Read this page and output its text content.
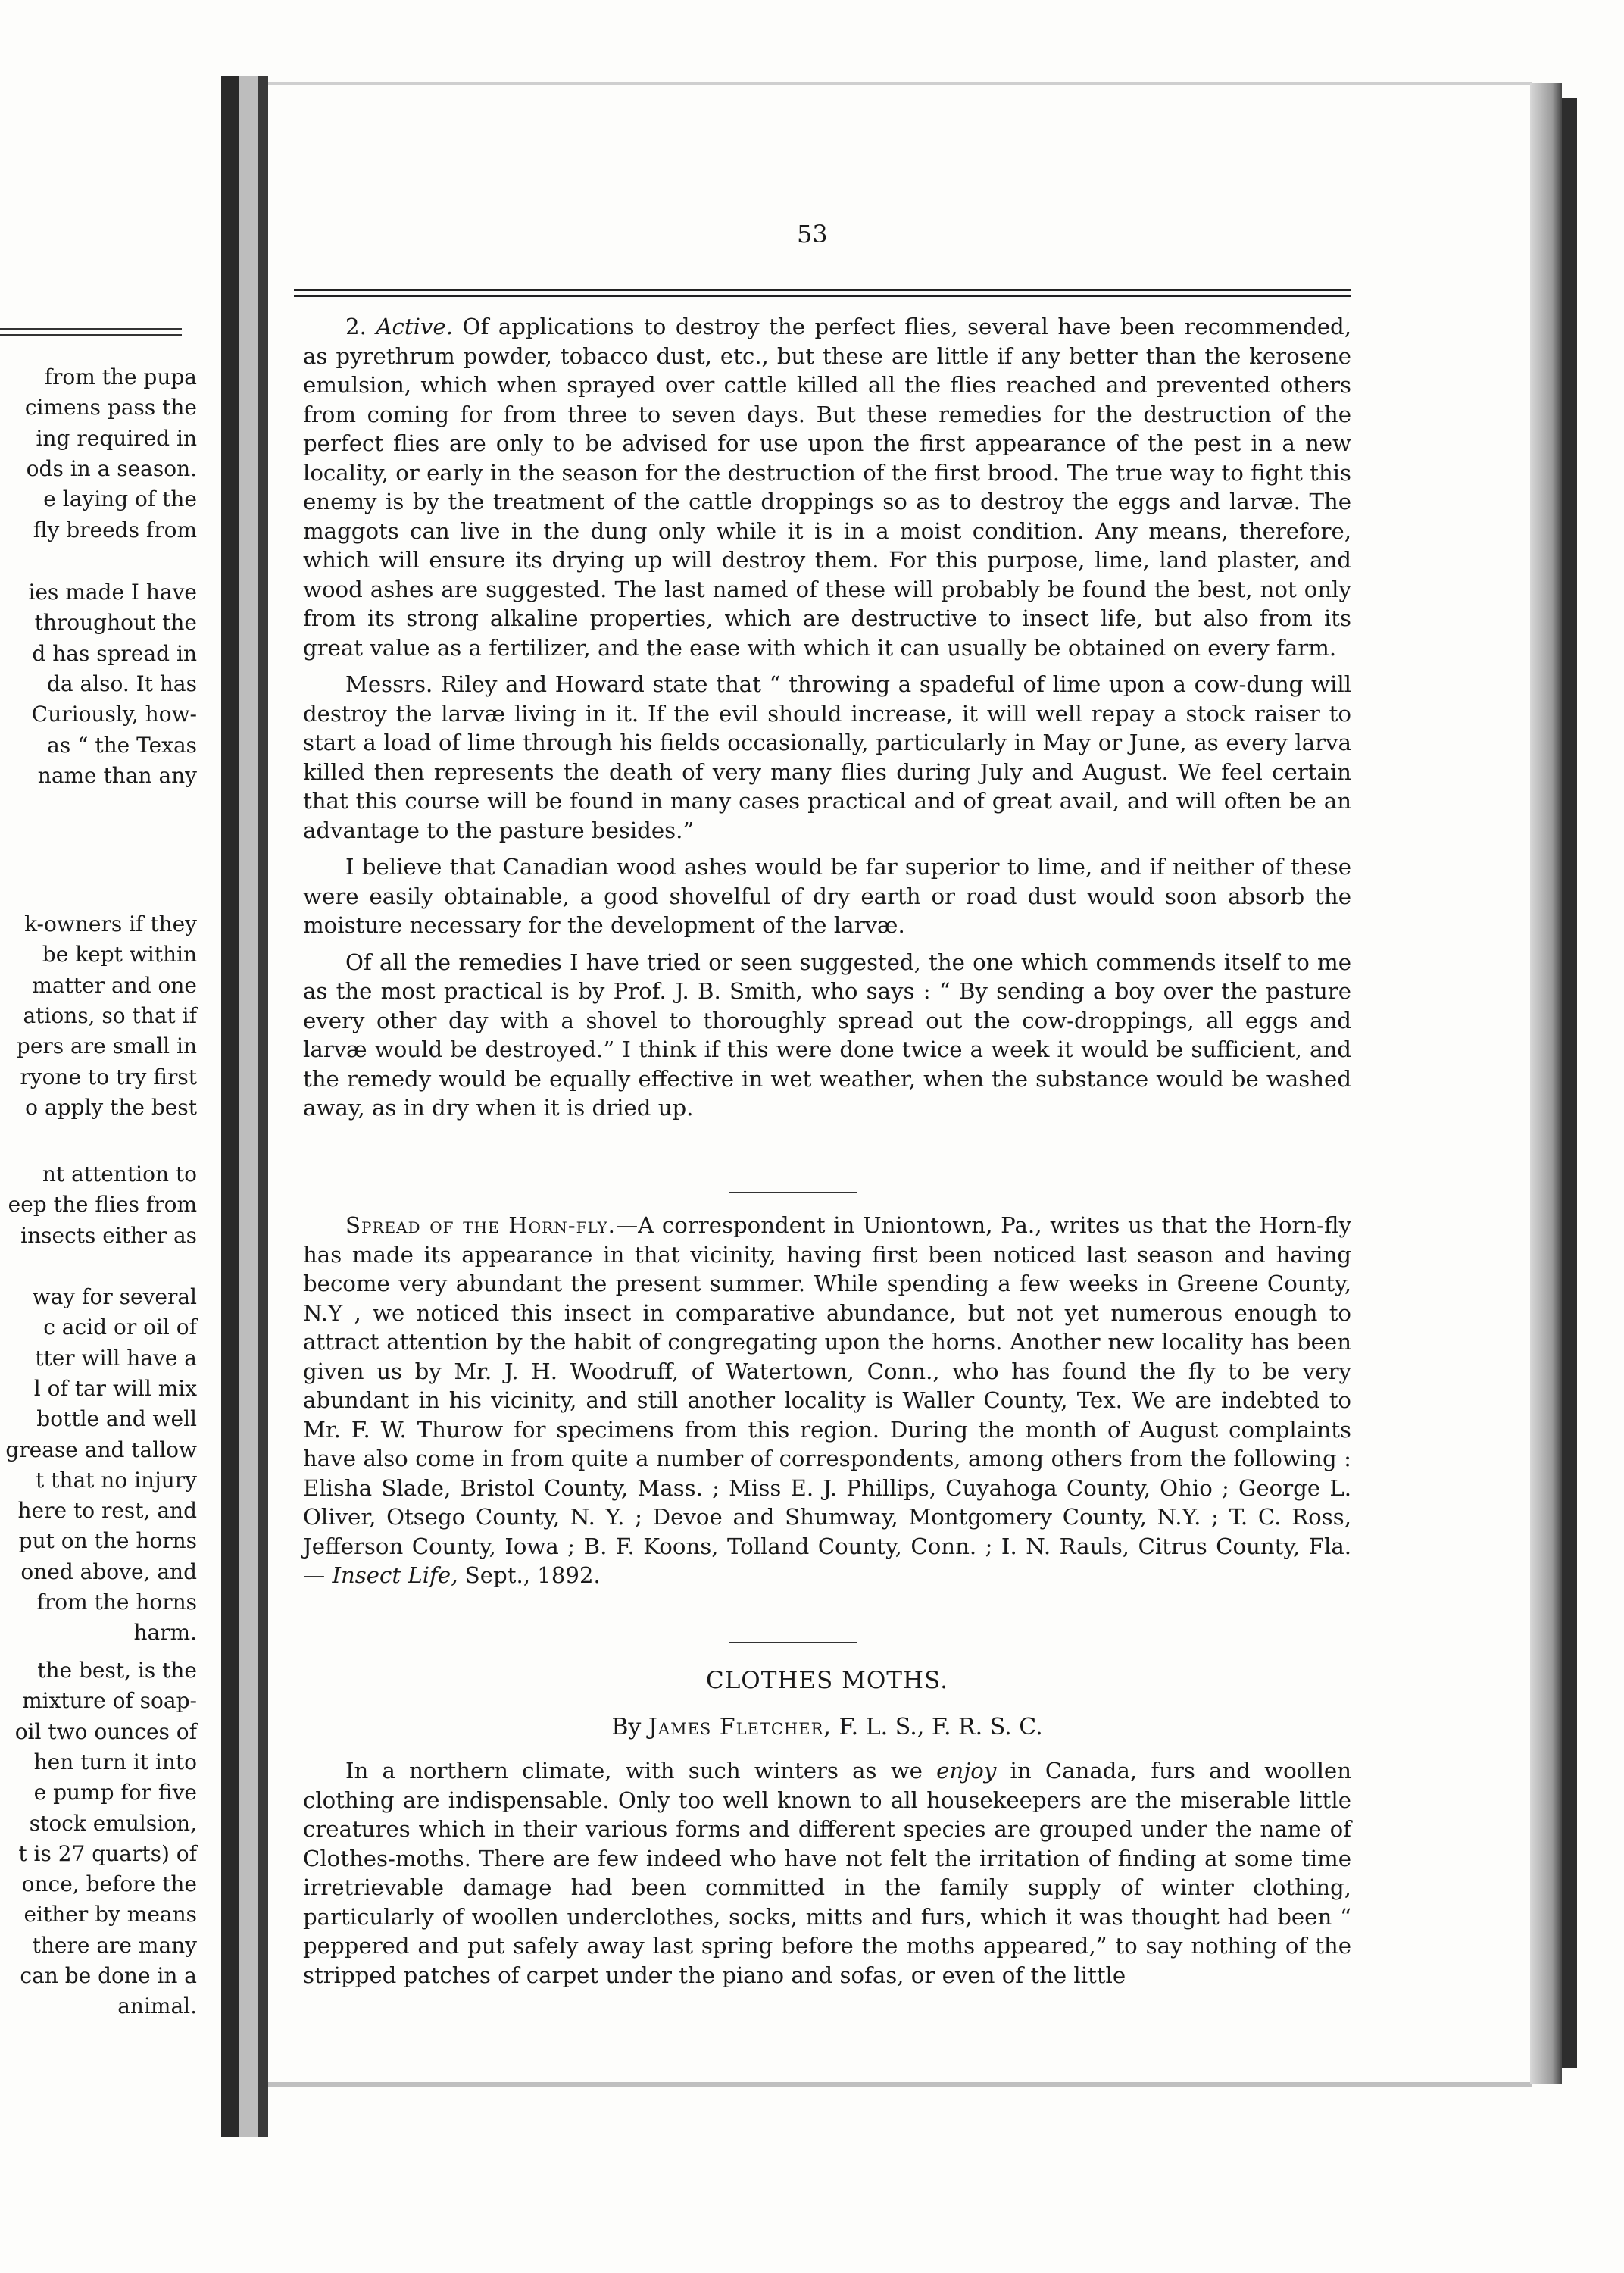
from the pupa
cimens pass the
ing required in
ods in a season.
e laying of the
fly breeds from
ies made I have
throughout the
d has spread in
da also. It has
Curiously, how-
as “ the Texas
name than any
k-owners if they
be kept within
matter and one
ations, so that if
pers are small in
ryone to try first
o apply the best
nt attention to
eep the flies from
insects either as
way for several
c acid or oil of
tter will have a
l of tar will mix
bottle and well
grease and tallow
t that no injury
here to rest, and
put on the horns
oned above, and
from the horns
harm.
the best, is the
mixture of soap-
oil two ounces of
hen turn it into
e pump for five
stock emulsion,
t is 27 quarts) of
once, before the
either by means
there are many
can be done in a
animal.
53

2. Active. Of applications to destroy the perfect flies, several have been recommended, as pyrethrum powder, tobacco dust, etc., but these are little if any better than the kerosene emulsion, which when sprayed over cattle killed all the flies reached and prevented others from coming for from three to seven days. But these remedies for the destruction of the perfect flies are only to be advised for use upon the first appearance of the pest in a new locality, or early in the season for the destruction of the first brood. The true way to fight this enemy is by the treatment of the cattle droppings so as to destroy the eggs and larvæ. The maggots can live in the dung only while it is in a moist condition. Any means, therefore, which will ensure its drying up will destroy them. For this purpose, lime, land plaster, and wood ashes are suggested. The last named of these will probably be found the best, not only from its strong alkaline properties, which are destructive to insect life, but also from its great value as a fertilizer, and the ease with which it can usually be obtained on every farm.

Messrs. Riley and Howard state that “ throwing a spadeful of lime upon a cow-dung will destroy the larvæ living in it. If the evil should increase, it will well repay a stock raiser to start a load of lime through his fields occasionally, particularly in May or June, as every larva killed then represents the death of very many flies during July and August. We feel certain that this course will be found in many cases practical and of great avail, and will often be an advantage to the pasture besides.”

I believe that Canadian wood ashes would be far superior to lime, and if neither of these were easily obtainable, a good shovelful of dry earth or road dust would soon absorb the moisture necessary for the development of the larvæ.

Of all the remedies I have tried or seen suggested, the one which commends itself to me as the most practical is by Prof. J. B. Smith, who says : “ By sending a boy over the pasture every other day with a shovel to thoroughly spread out the cow-droppings, all eggs and larvæ would be destroyed.” I think if this were done twice a week it would be sufficient, and the remedy would be equally effective in wet weather, when the substance would be washed away, as in dry when it is dried up.

Spread of the Horn-fly.—A correspondent in Uniontown, Pa., writes us that the Horn-fly has made its appearance in that vicinity, having first been noticed last season and having become very abundant the present summer. While spending a few weeks in Greene County, N.Y , we noticed this insect in comparative abundance, but not yet numerous enough to attract attention by the habit of congregating upon the horns. Another new locality has been given us by Mr. J. H. Woodruff, of Watertown, Conn., who has found the fly to be very abundant in his vicinity, and still another locality is Waller County, Tex. We are indebted to Mr. F. W. Thurow for specimens from this region. During the month of August complaints have also come in from quite a number of correspondents, among others from the following : Elisha Slade, Bristol County, Mass. ; Miss E. J. Phillips, Cuyahoga County, Ohio ; George L. Oliver, Otsego County, N. Y. ; Devoe and Shumway, Montgomery County, N.Y. ; T. C. Ross, Jefferson County, Iowa ; B. F. Koons, Tolland County, Conn. ; I. N. Rauls, Citrus County, Fla. — Insect Life, Sept., 1892.

CLOTHES MOTHS.
By James Fletcher, F. L. S., F. R. S. C.

In a northern climate, with such winters as we enjoy in Canada, furs and woollen clothing are indispensable. Only too well known to all housekeepers are the miserable little creatures which in their various forms and different species are grouped under the name of Clothes-moths. There are few indeed who have not felt the irritation of finding at some time irretrievable damage had been committed in the family supply of winter clothing, particularly of woollen underclothes, socks, mitts and furs, which it was thought had been “ peppered and put safely away last spring before the moths appeared,” to say nothing of the stripped patches of carpet under the piano and sofas, or even of the little
